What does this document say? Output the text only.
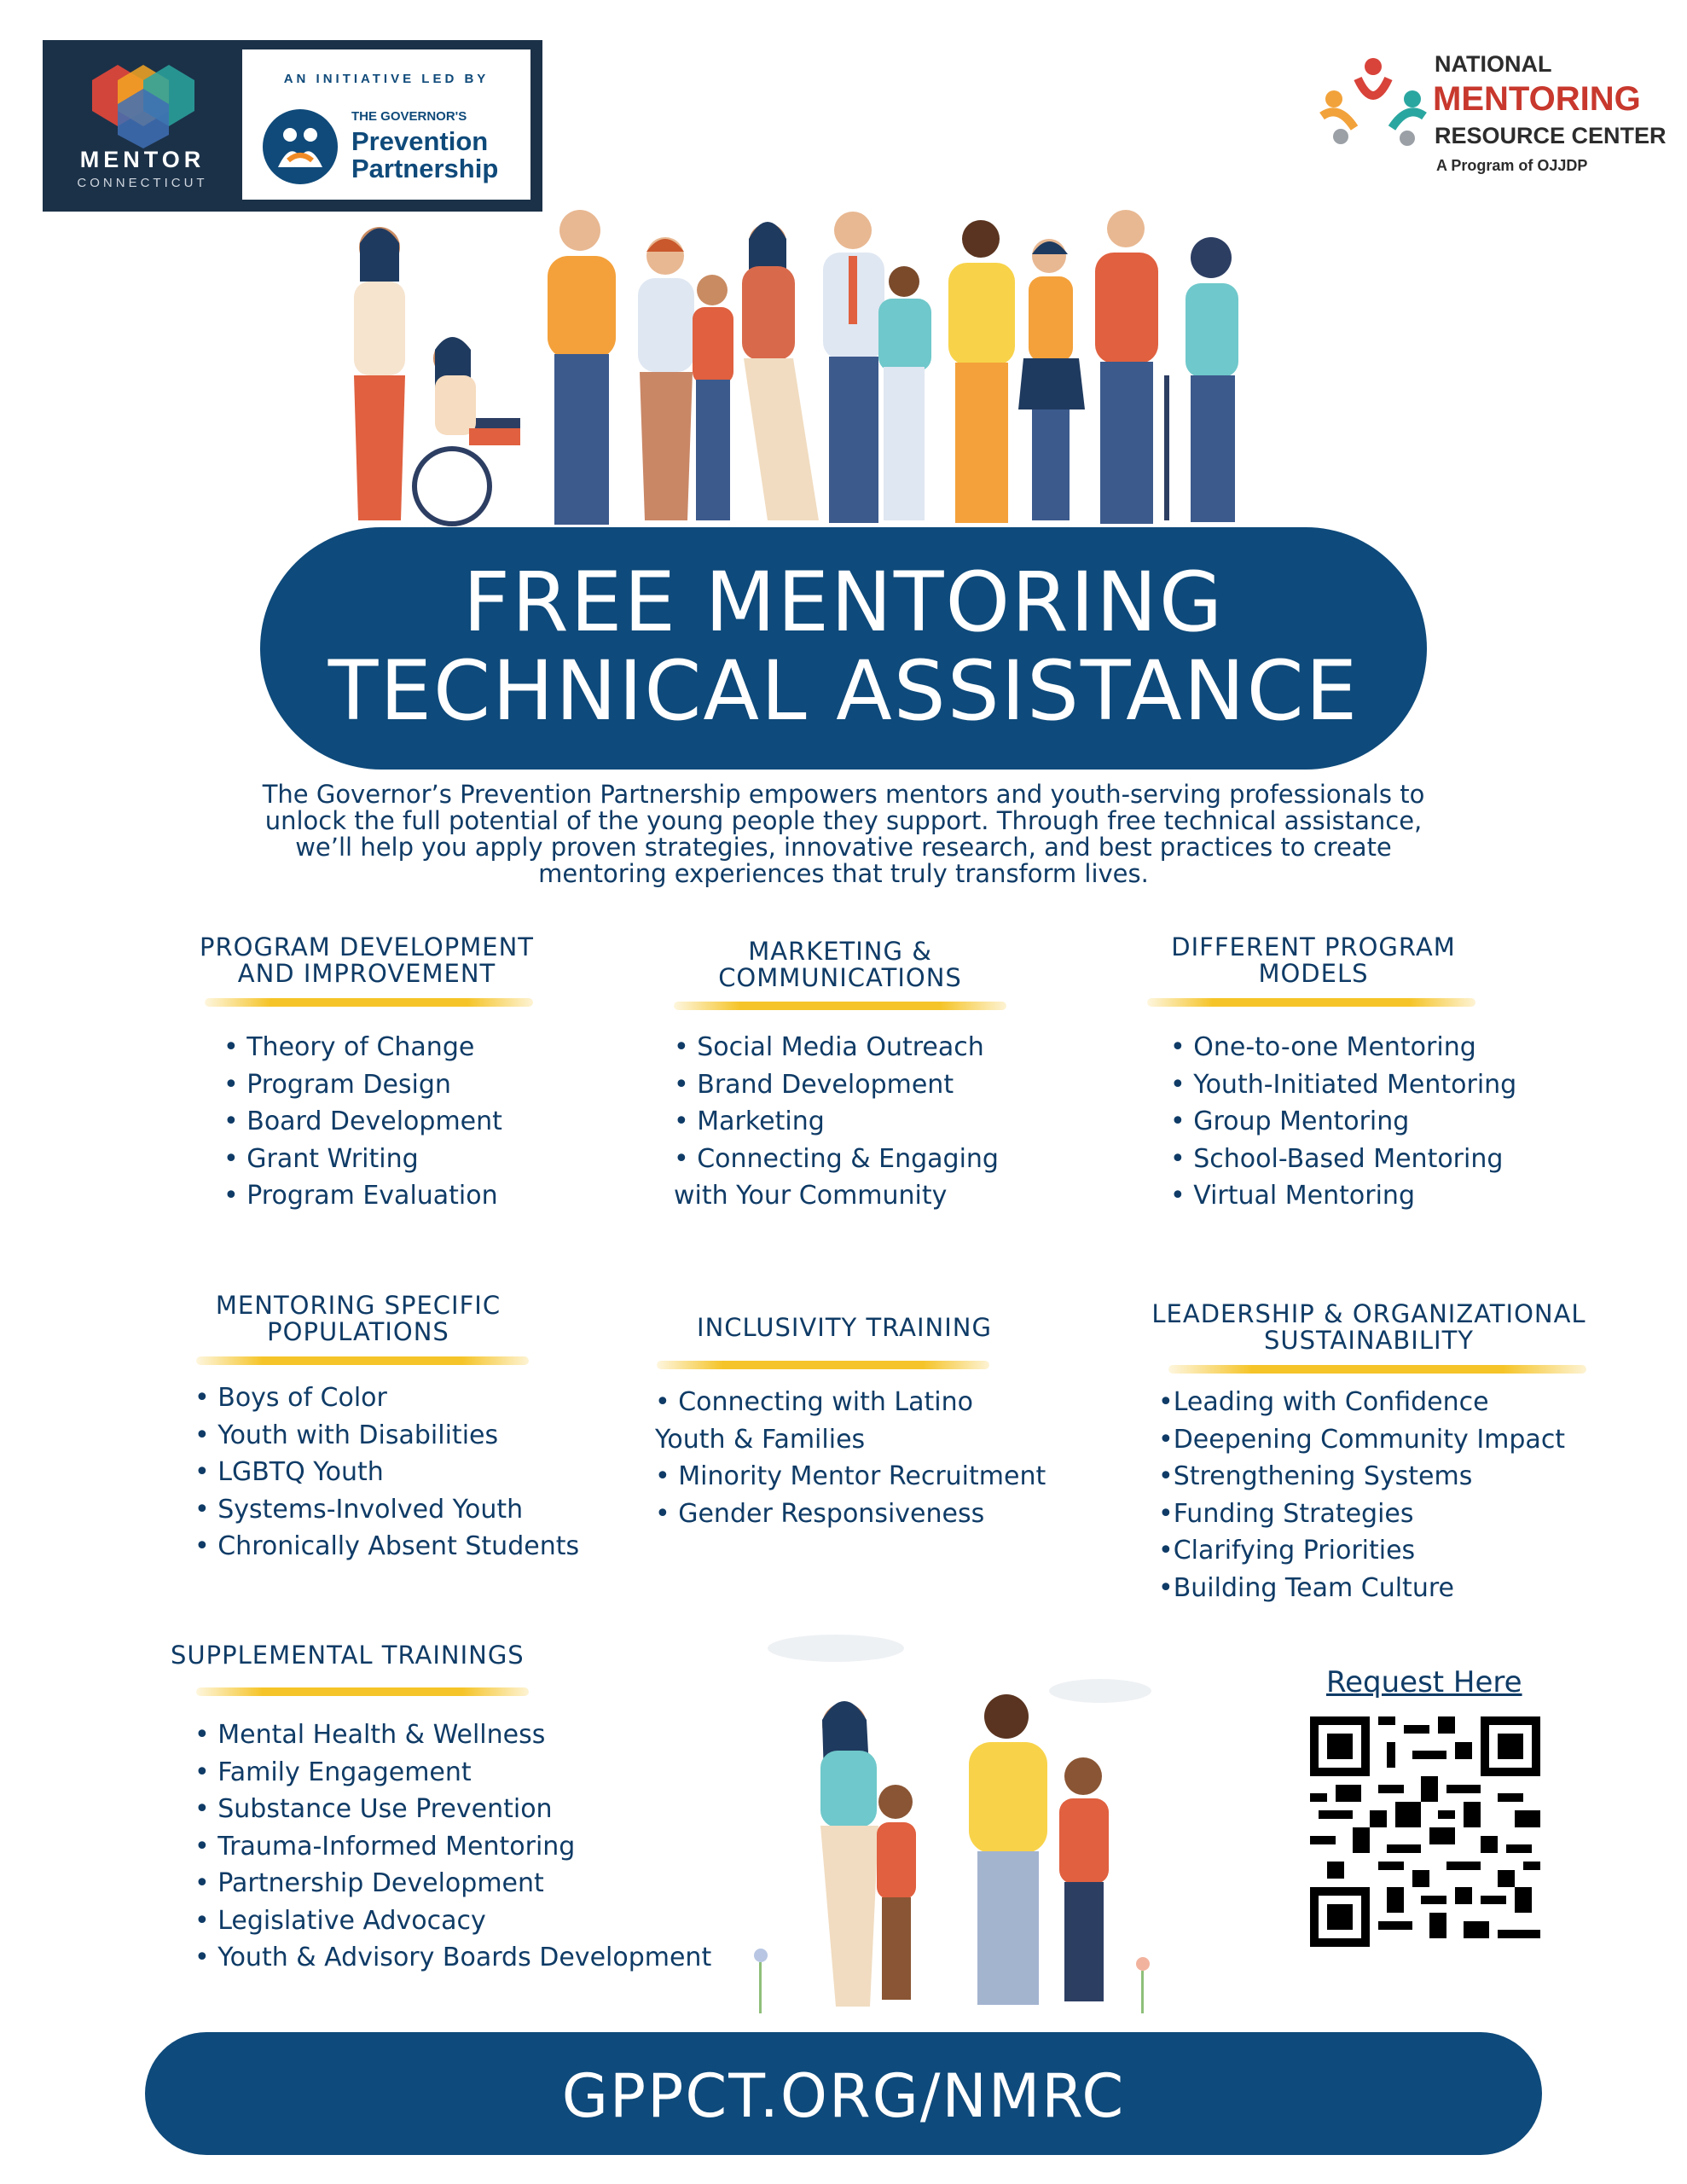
MENTOR
CONNECTICUT
AN INITIATIVE LED BY
THE GOVERNOR'S
Prevention
Partnership
NATIONAL
MENTORING
RESOURCE CENTER
A Program of OJJDP
FREE MENTORING
TECHNICAL ASSISTANCE
The Governor’s Prevention Partnership empowers mentors and youth-serving professionals to
unlock the full potential of the young people they support. Through free technical assistance,
we’ll help you apply proven strategies, innovative research, and best practices to create
mentoring experiences that truly transform lives.
PROGRAM DEVELOPMENT
AND IMPROVEMENT
• Theory of Change
• Program Design
• Board Development
• Grant Writing
• Program Evaluation
MARKETING &
COMMUNICATIONS
• Social Media Outreach
• Brand Development
• Marketing
• Connecting & Engaging
with Your Community
DIFFERENT PROGRAM
MODELS
• One-to-one Mentoring
• Youth-Initiated Mentoring
• Group Mentoring
• School-Based Mentoring
• Virtual Mentoring
MENTORING SPECIFIC
POPULATIONS
• Boys of Color
• Youth with Disabilities
• LGBTQ Youth
• Systems-Involved Youth
• Chronically Absent Students
INCLUSIVITY TRAINING
• Connecting with Latino
Youth & Families
• Minority Mentor Recruitment
• Gender Responsiveness
LEADERSHIP & ORGANIZATIONAL
SUSTAINABILITY
•Leading with Confidence
•Deepening Community Impact
•Strengthening Systems
•Funding Strategies
•Clarifying Priorities
•Building Team Culture
SUPPLEMENTAL TRAININGS
• Mental Health & Wellness
• Family Engagement
• Substance Use Prevention
• Trauma-Informed Mentoring
• Partnership Development
• Legislative Advocacy
• Youth & Advisory Boards Development
Request Here
GPPCT.ORG/NMRC
